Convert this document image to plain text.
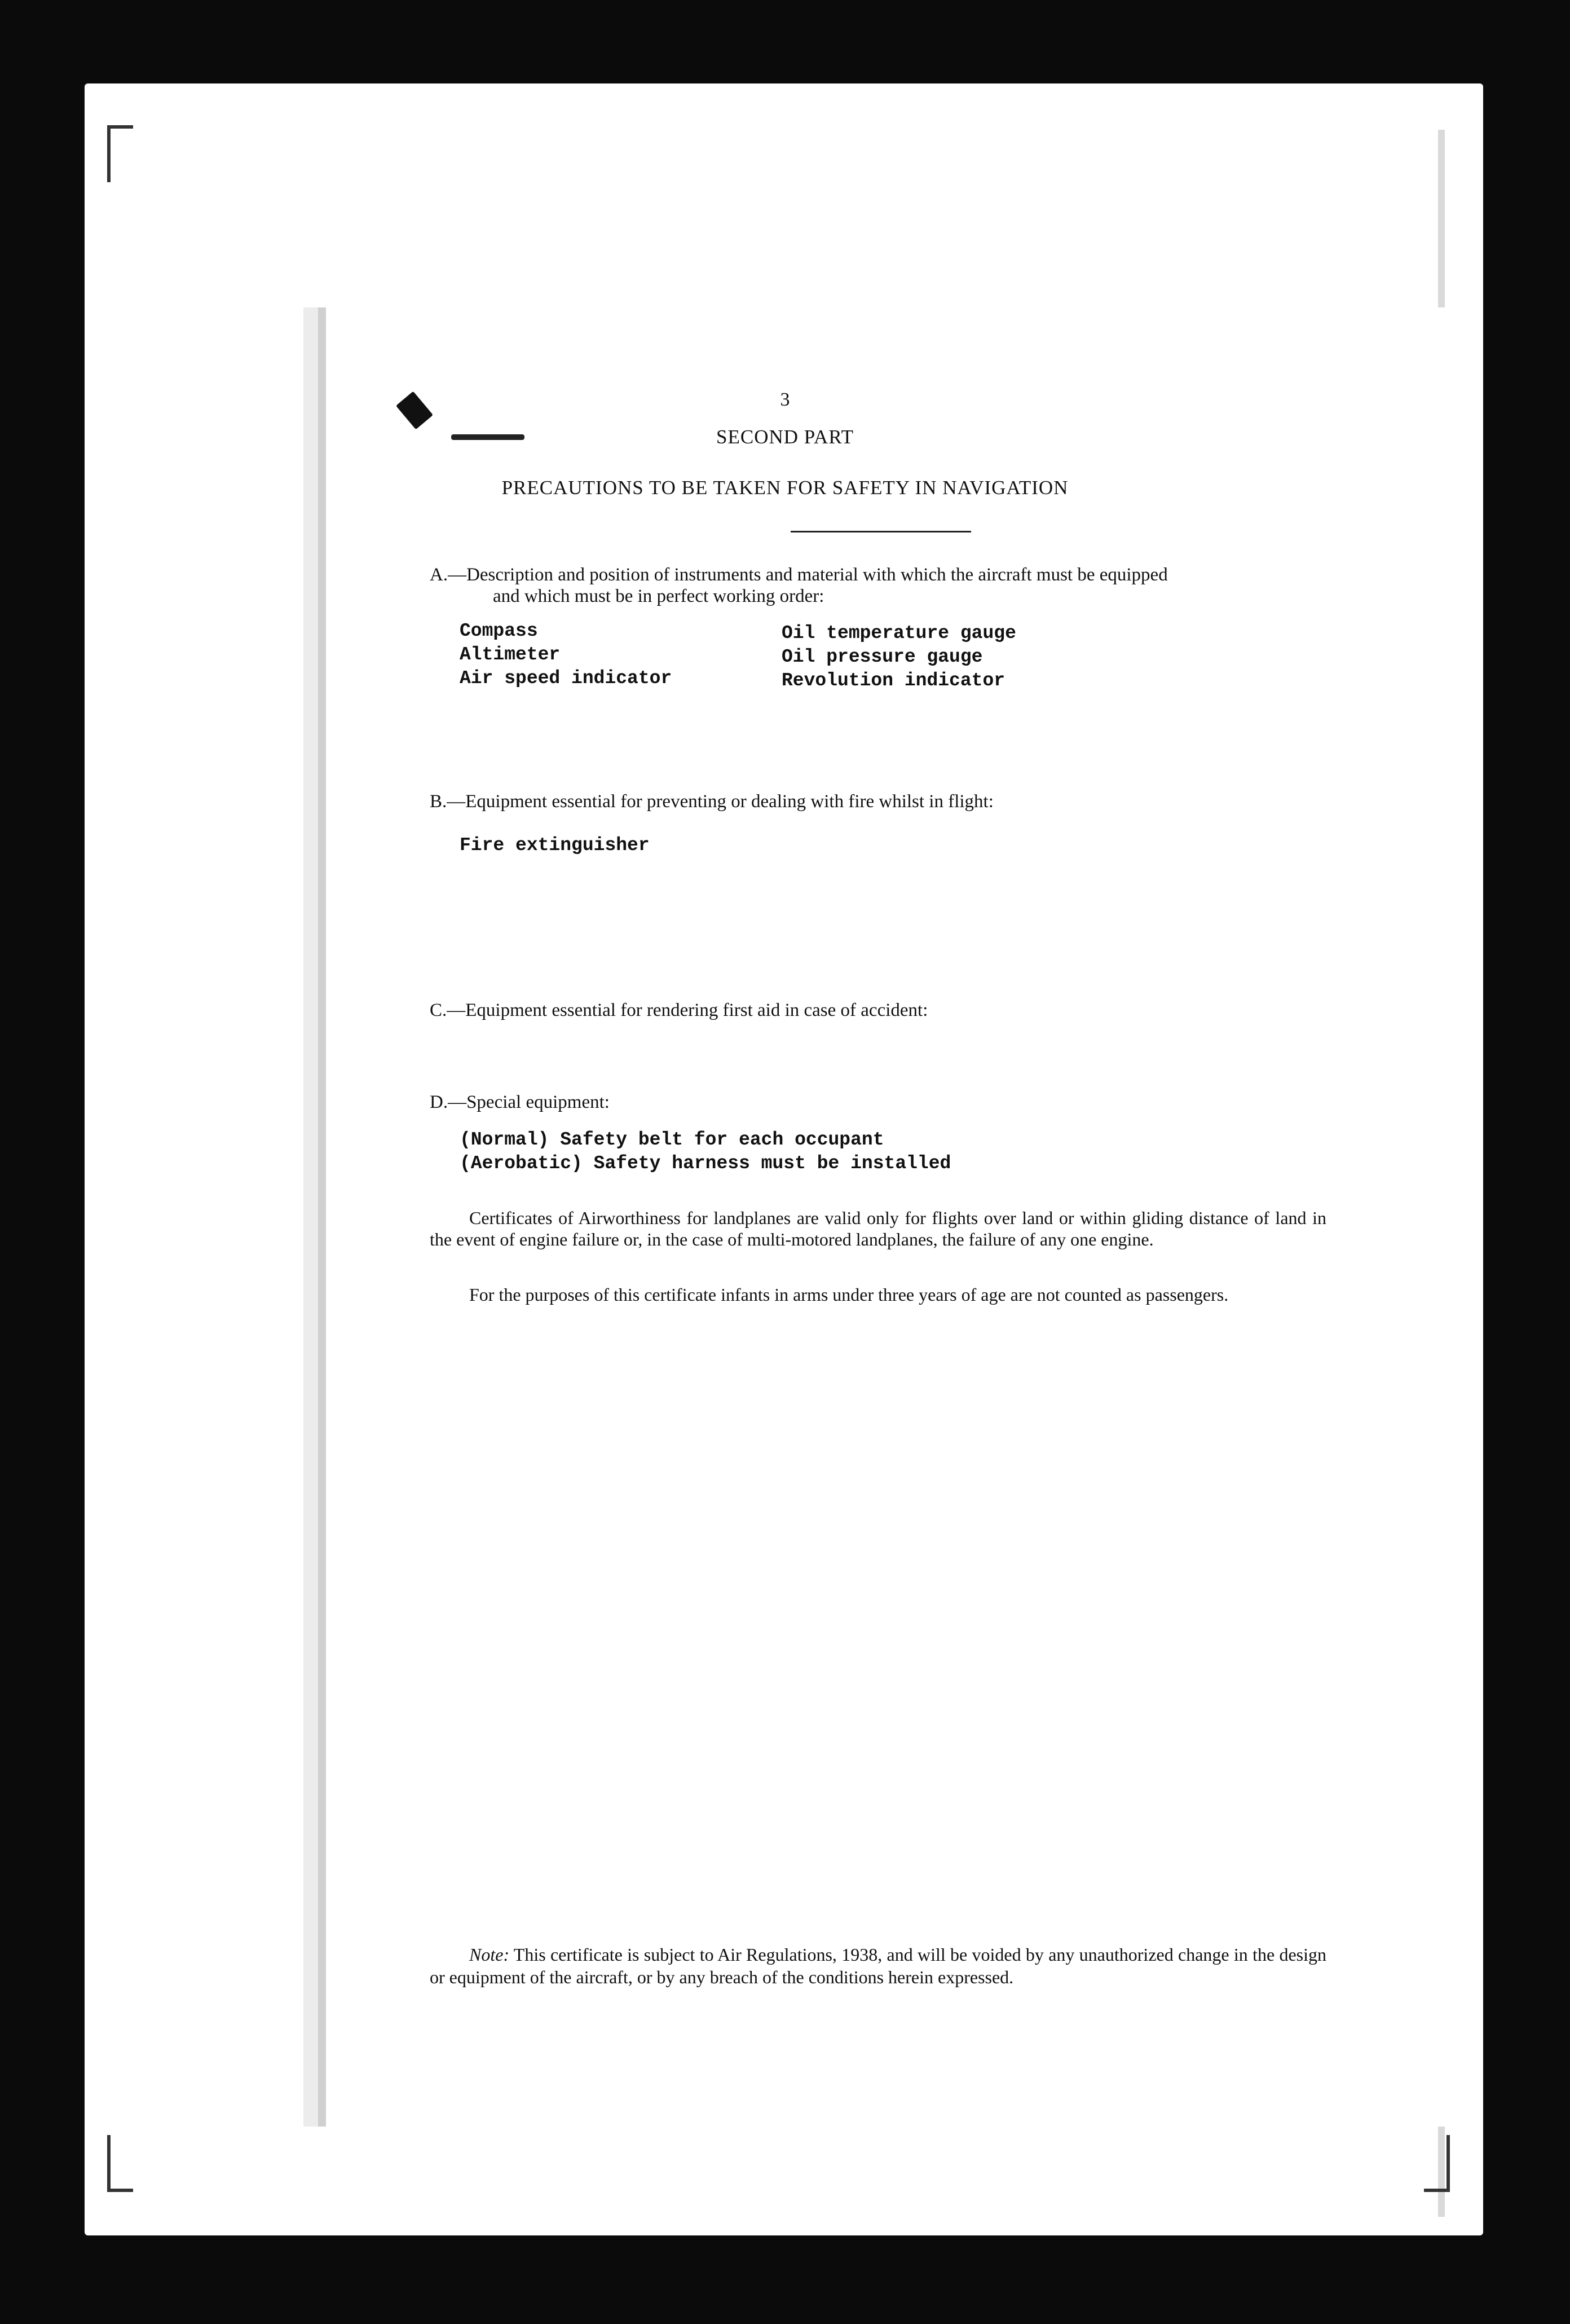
3
SECOND PART
PRECAUTIONS TO BE TAKEN FOR SAFETY IN NAVIGATION
A.—Description and position of instruments and material with which the aircraft must be equipped
and which must be in perfect working order:
Compass
Altimeter
Air speed indicator
Oil temperature gauge
Oil pressure gauge
Revolution indicator
B.—Equipment essential for preventing or dealing with fire whilst in flight:
Fire extinguisher
C.—Equipment essential for rendering first aid in case of accident:
D.—Special equipment:
(Normal) Safety belt for each occupant
(Aerobatic) Safety harness must be installed
Certificates of Airworthiness for landplanes are valid only for flights over land or within gliding distance of land in the event of engine failure or, in the case of multi-motored landplanes, the failure of any one engine.
For the purposes of this certificate infants in arms under three years of age are not counted as passengers.
Note: This certificate is subject to Air Regulations, 1938, and will be voided by any unauthorized change in the design or equipment of the aircraft, or by any breach of the conditions herein expressed.
